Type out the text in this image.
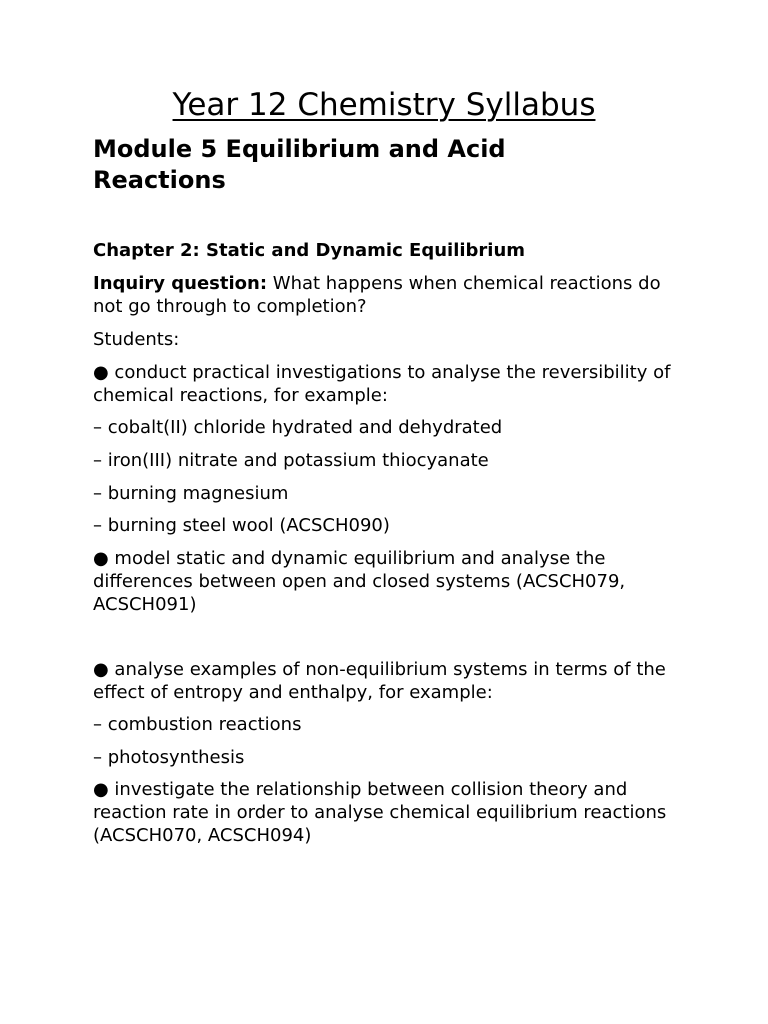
Year 12 Chemistry Syllabus
Module 5 Equilibrium and Acid Reactions
Chapter 2: Static and Dynamic Equilibrium

Inquiry question: What happens when chemical reactions do not go through to completion?

Students:

● conduct practical investigations to analyse the reversibility of chemical reactions, for example:

– cobalt(II) chloride hydrated and dehydrated

– iron(III) nitrate and potassium thiocyanate

– burning magnesium

– burning steel wool (ACSCH090)

● model static and dynamic equilibrium and analyse the differences between open and closed systems (ACSCH079, ACSCH091)

● analyse examples of non-equilibrium systems in terms of the effect of entropy and enthalpy, for example:

– combustion reactions

– photosynthesis

● investigate the relationship between collision theory and reaction rate in order to analyse chemical equilibrium reactions (ACSCH070, ACSCH094)
